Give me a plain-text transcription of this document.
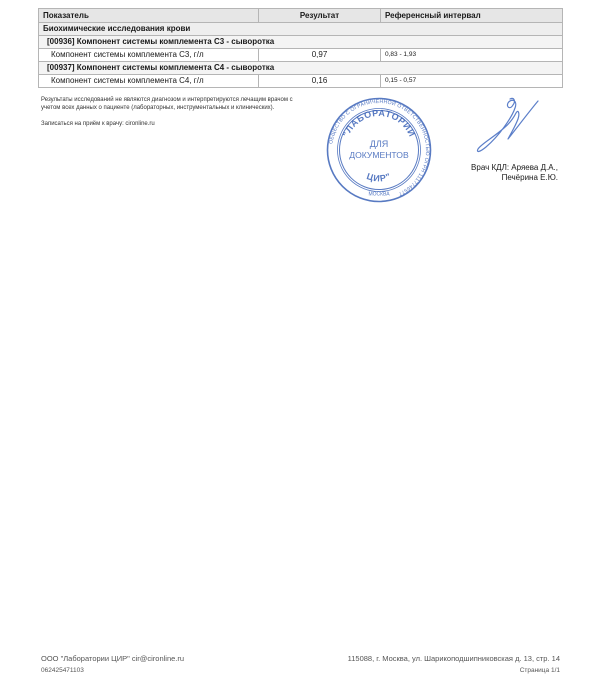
Показатель	Результат	Референсный интервал
Биохимические исследования крови		
[00936] Компонент системы комплемента С3 - сыворотка		
Компонент системы комплемента С3, г/л	0,97	0,83 - 1,93
[00937] Компонент системы комплемента С4 - сыворотка		
Компонент системы комплемента С4, г/л	0,16	0,15 - 0,57
Результаты исследований не являются диагнозом и интерпретируются лечащим врачом с учетом всех данных о пациенте (лабораторных, инструментальных и клинических).
Записаться на приём к врачу: cironline.ru
ОБЩЕСТВО С ОГРАНИЧЕННОЙ ОТВЕТСТВЕННОСТЬЮ ОГРН 1117746577
"ЛАБОРАТОРИИ
ДЛЯ
ДОКУМЕНТОВ
ЦИР"
МОСКВА
Врач КДЛ: Аряева Д.А.,
Печёрина Е.Ю.
ООО "Лаборатории ЦИР" cir@cironline.ru
062425471103
115088, г. Москва, ул. Шарикоподшипниковская д. 13, стр. 14
Страница 1/1
